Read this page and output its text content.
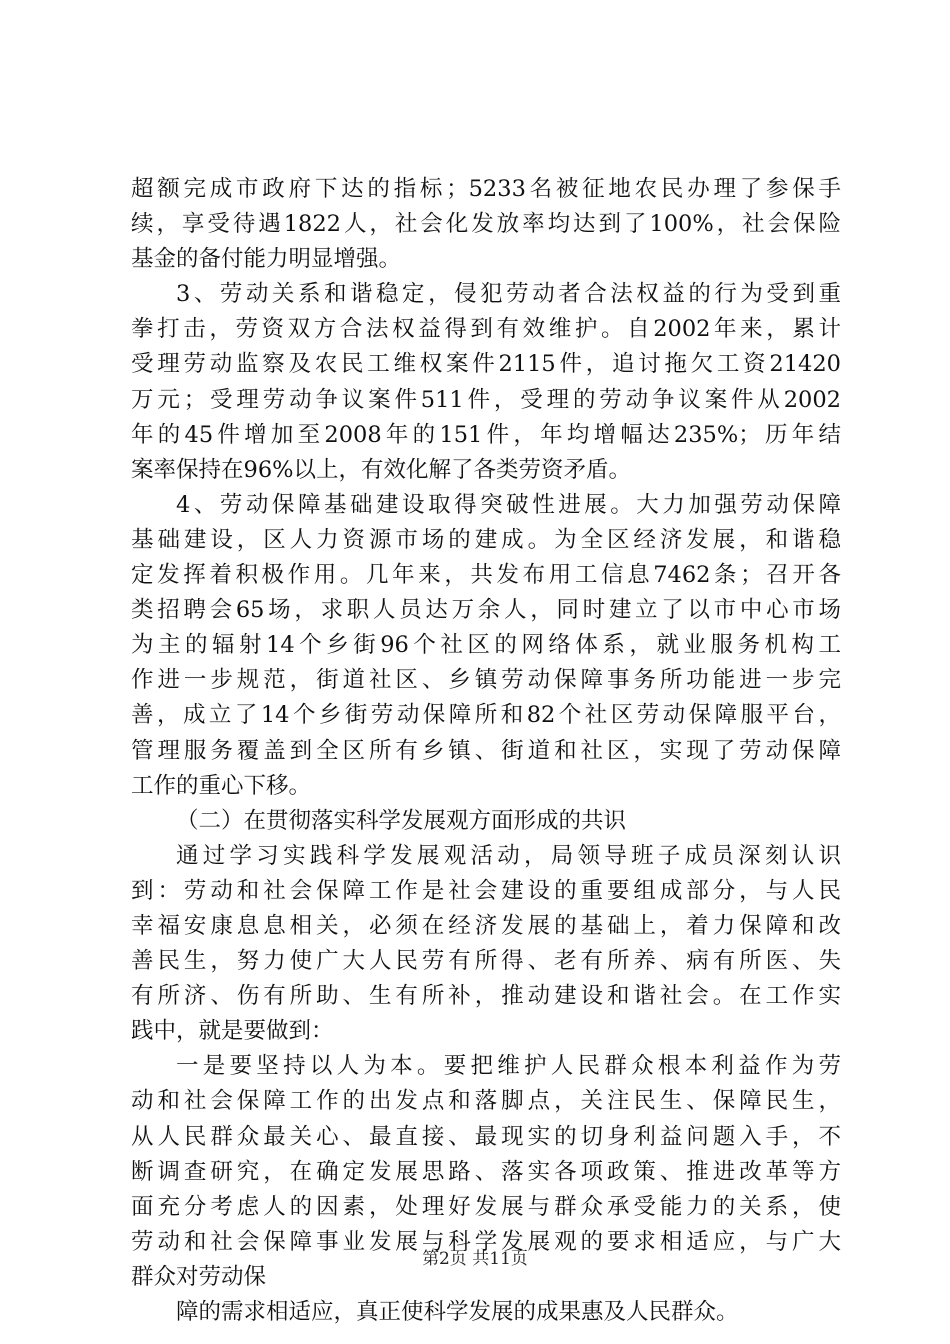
超额完成市政府下达的指标；5233名被征地农民办理了参保手
续，享受待遇1822人，社会化发放率均达到了100%，社会保险
基金的备付能力明显增强。
3、劳动关系和谐稳定，侵犯劳动者合法权益的行为受到重
拳打击，劳资双方合法权益得到有效维护。自2002年来，累计
受理劳动监察及农民工维权案件2115件，追讨拖欠工资21420
万元；受理劳动争议案件511件，受理的劳动争议案件从2002
年的45件增加至2008年的151件，年均增幅达235%；历年结
案率保持在96%以上，有效化解了各类劳资矛盾。
4、劳动保障基础建设取得突破性进展。大力加强劳动保障
基础建设，区人力资源市场的建成。为全区经济发展，和谐稳
定发挥着积极作用。几年来，共发布用工信息7462条；召开各
类招聘会65场，求职人员达万余人，同时建立了以市中心市场
为主的辐射14个乡街96个社区的网络体系，就业服务机构工
作进一步规范，街道社区、乡镇劳动保障事务所功能进一步完
善，成立了14个乡街劳动保障所和82个社区劳动保障服平台，
管理服务覆盖到全区所有乡镇、街道和社区，实现了劳动保障
工作的重心下移。
（二）在贯彻落实科学发展观方面形成的共识
通过学习实践科学发展观活动，局领导班子成员深刻认识
到：劳动和社会保障工作是社会建设的重要组成部分，与人民
幸福安康息息相关，必须在经济发展的基础上，着力保障和改
善民生，努力使广大人民劳有所得、老有所养、病有所医、失
有所济、伤有所助、生有所补，推动建设和谐社会。在工作实
践中，就是要做到：
一是要坚持以人为本。要把维护人民群众根本利益作为劳
动和社会保障工作的出发点和落脚点，关注民生、保障民生，
从人民群众最关心、最直接、最现实的切身利益问题入手，不
断调查研究，在确定发展思路、落实各项政策、推进改革等方
面充分考虑人的因素，处理好发展与群众承受能力的关系，使
劳动和社会保障事业发展与科学发展观的要求相适应，与广大
群众对劳动保
障的需求相适应，真正使科学发展的成果惠及人民群众。
第2页 共11页
